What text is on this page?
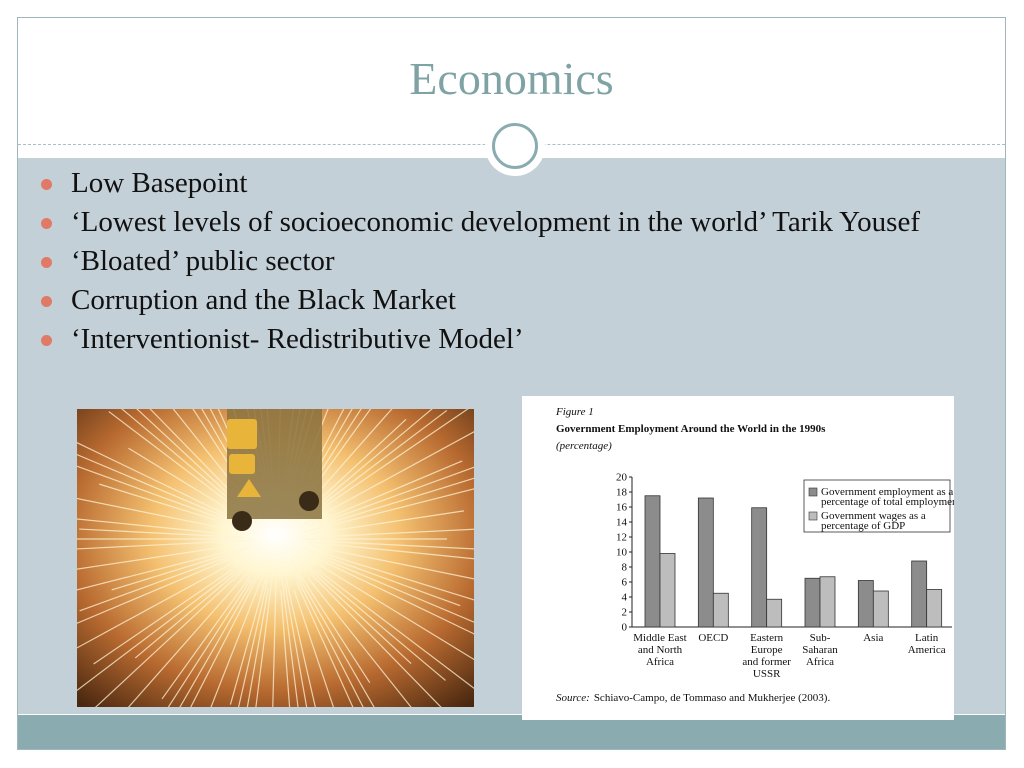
Economics
Low Basepoint
‘Lowest levels of socioeconomic development in the world’ Tarik Yousef
‘Bloated’ public sector
Corruption and the Black Market
‘Interventionist- Redistributive Model’
Figure 1
Government Employment Around the World in the 1990s
(percentage)
0
2
4
6
8
10
12
14
16
18
20
Middle East and North Africa
OECD	Eastern Europe and former USSR
Sub-Saharan Africa
Asia	Latin America
Government employment as a percentage of total employment
Government wages as a percentage of GDP
Source: Schiavo-Campo, de Tommaso and Mukherjee (2003).
